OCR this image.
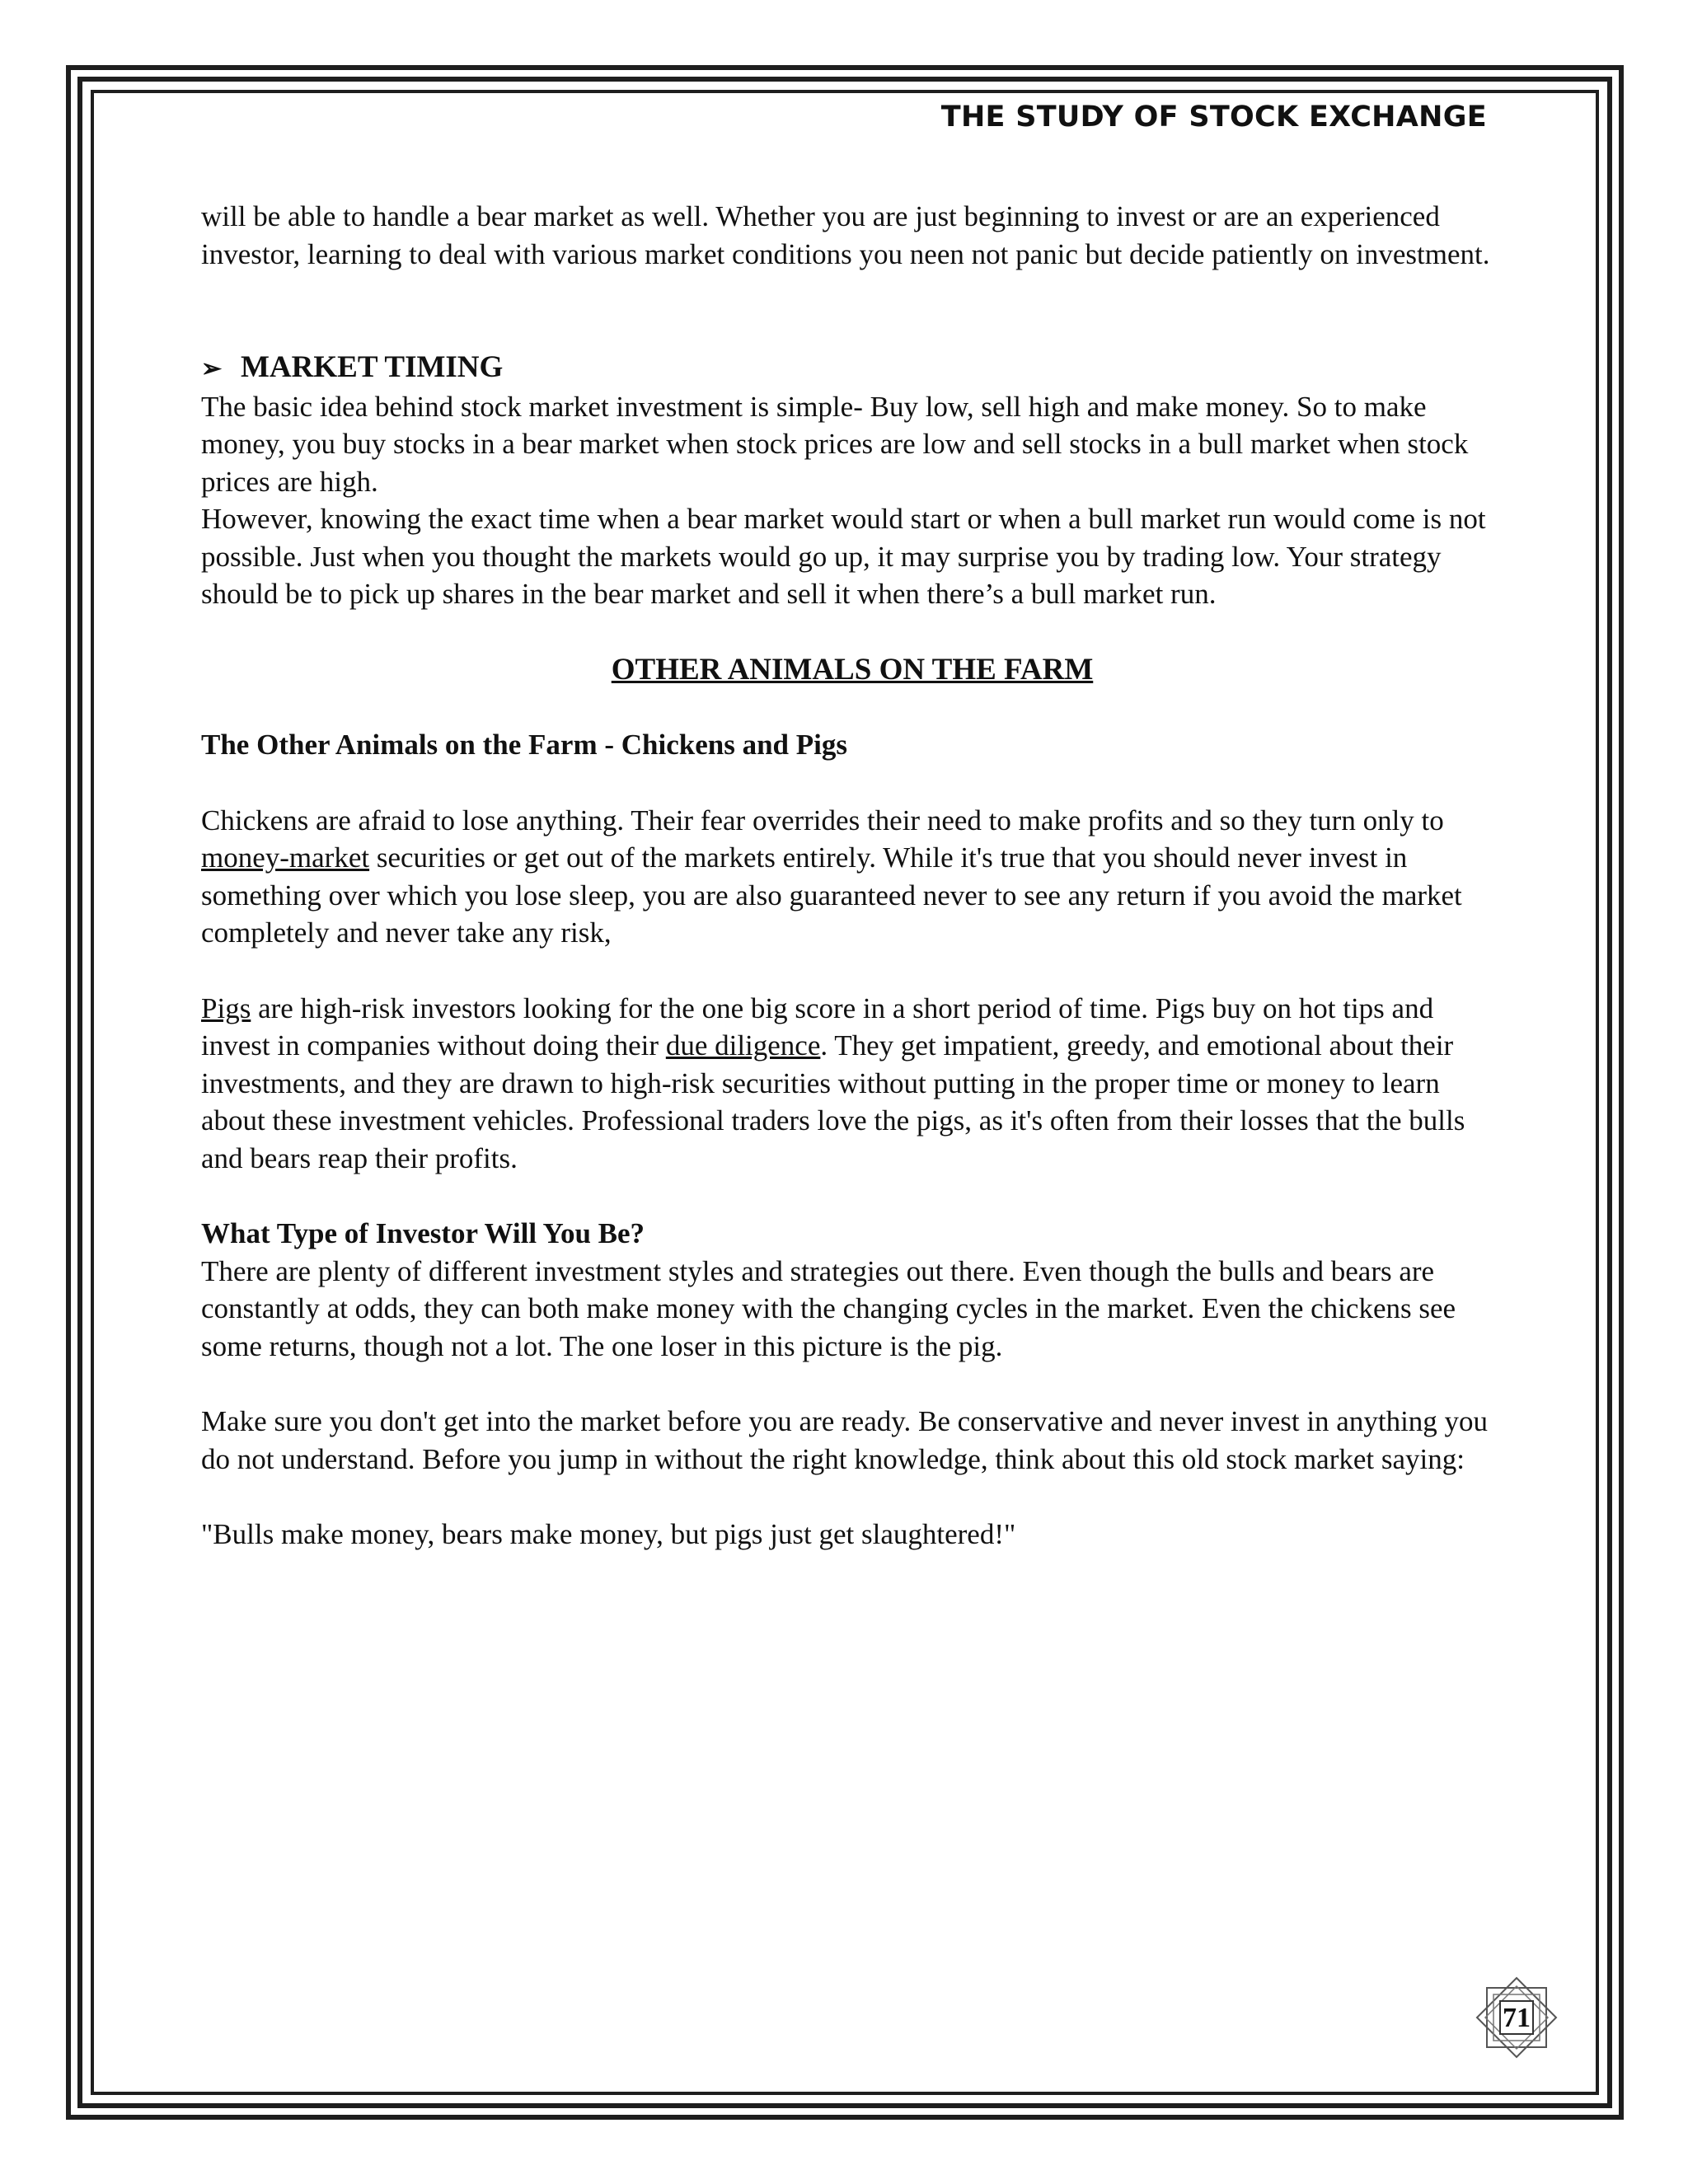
THE STUDY OF STOCK EXCHANGE

will be able to handle a bear market as well. Whether you are just beginning to invest or are an experienced investor, learning to deal with various market conditions you neen not panic but decide patiently on investment.

➢ MARKET TIMING

The basic idea behind stock market investment is simple- Buy low, sell high and make money. So to make money, you buy stocks in a bear market when stock prices are low and sell stocks in a bull market when stock prices are high.

However, knowing the exact time when a bear market would start or when a bull market run would come is not possible. Just when you thought the markets would go up, it may surprise you by trading low. Your strategy should be to pick up shares in the bear market and sell it when there’s a bull market run.

OTHER ANIMALS ON THE FARM

The Other Animals on the Farm - Chickens and Pigs

Chickens are afraid to lose anything. Their fear overrides their need to make profits and so they turn only to money-market securities or get out of the markets entirely. While it's true that you should never invest in something over which you lose sleep, you are also guaranteed never to see any return if you avoid the market completely and never take any risk,

Pigs are high-risk investors looking for the one big score in a short period of time. Pigs buy on hot tips and invest in companies without doing their due diligence. They get impatient, greedy, and emotional about their investments, and they are drawn to high-risk securities without putting in the proper time or money to learn about these investment vehicles. Professional traders love the pigs, as it's often from their losses that the bulls and bears reap their profits.

What Type of Investor Will You Be?

There are plenty of different investment styles and strategies out there. Even though the bulls and bears are constantly at odds, they can both make money with the changing cycles in the market. Even the chickens see some returns, though not a lot. The one loser in this picture is the pig.

Make sure you don't get into the market before you are ready. Be conservative and never invest in anything you do not understand. Before you jump in without the right knowledge, think about this old stock market saying:

"Bulls make money, bears make money, but pigs just get slaughtered!"

71
